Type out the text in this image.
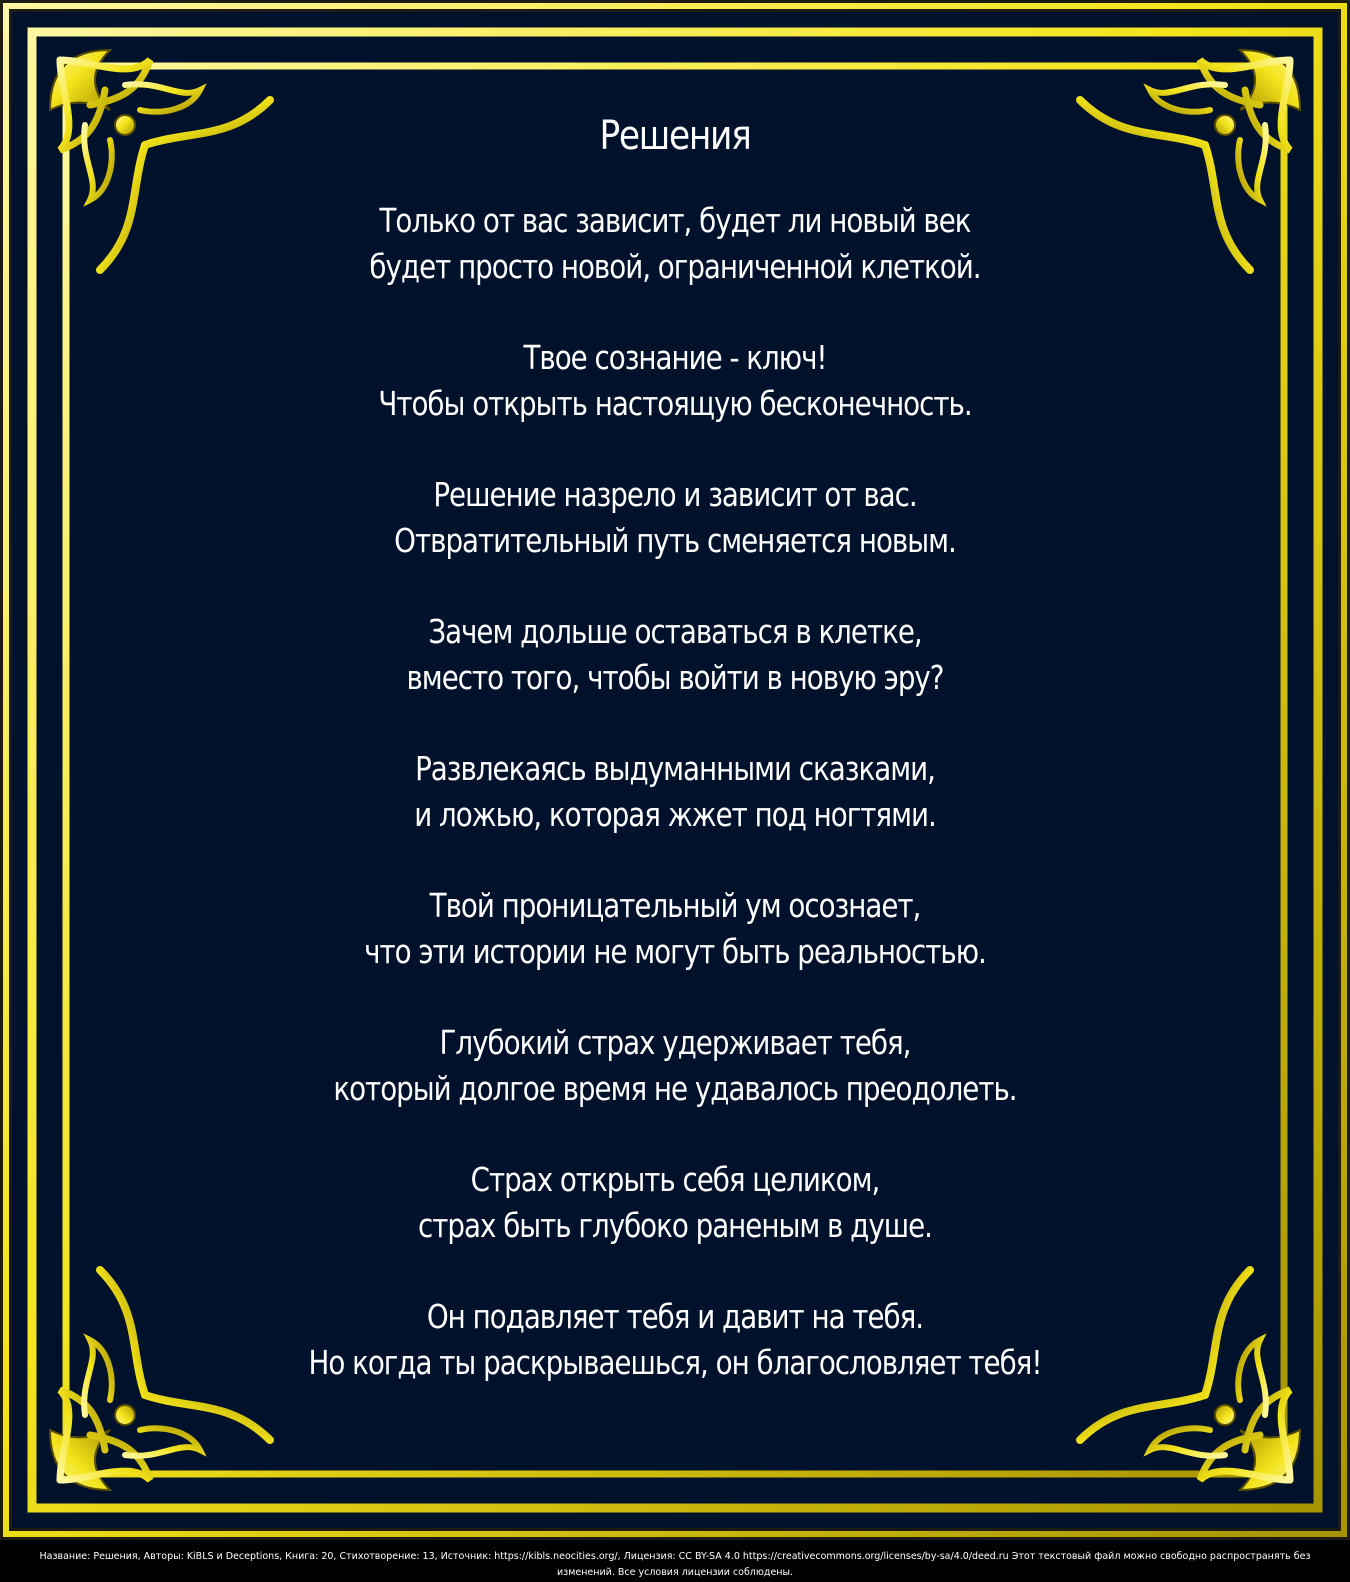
Решения
Только от вас зависит, будет ли новый век
будет просто новой, ограниченной клеткой.
Твое сознание - ключ!
Чтобы открыть настоящую бесконечность.
Решение назрело и зависит от вас.
Отвратительный путь сменяется новым.
Зачем дольше оставаться в клетке,
вместо того, чтобы войти в новую эру?
Развлекаясь выдуманными сказками,
и ложью, которая жжет под ногтями.
Твой проницательный ум осознает,
что эти истории не могут быть реальностью.
Глубокий страх удерживает тебя,
который долгое время не удавалось преодолеть.
Страх открыть себя целиком,
страх быть глубоко раненым в душе.
Он подавляет тебя и давит на тебя.
Но когда ты раскрываешься, он благословляет тебя!
Название: Решения, Авторы: KiBLS и Deceptions, Книга: 20, Стихотворение: 13, Источник: https://kibls.neocities.org/, Лицензия: CC BY-SA 4.0 https://creativecommons.org/licenses/by-sa/4.0/deed.ru Этот текстовый файл можно свободно распространять без
изменений. Все условия лицензии соблюдены.
